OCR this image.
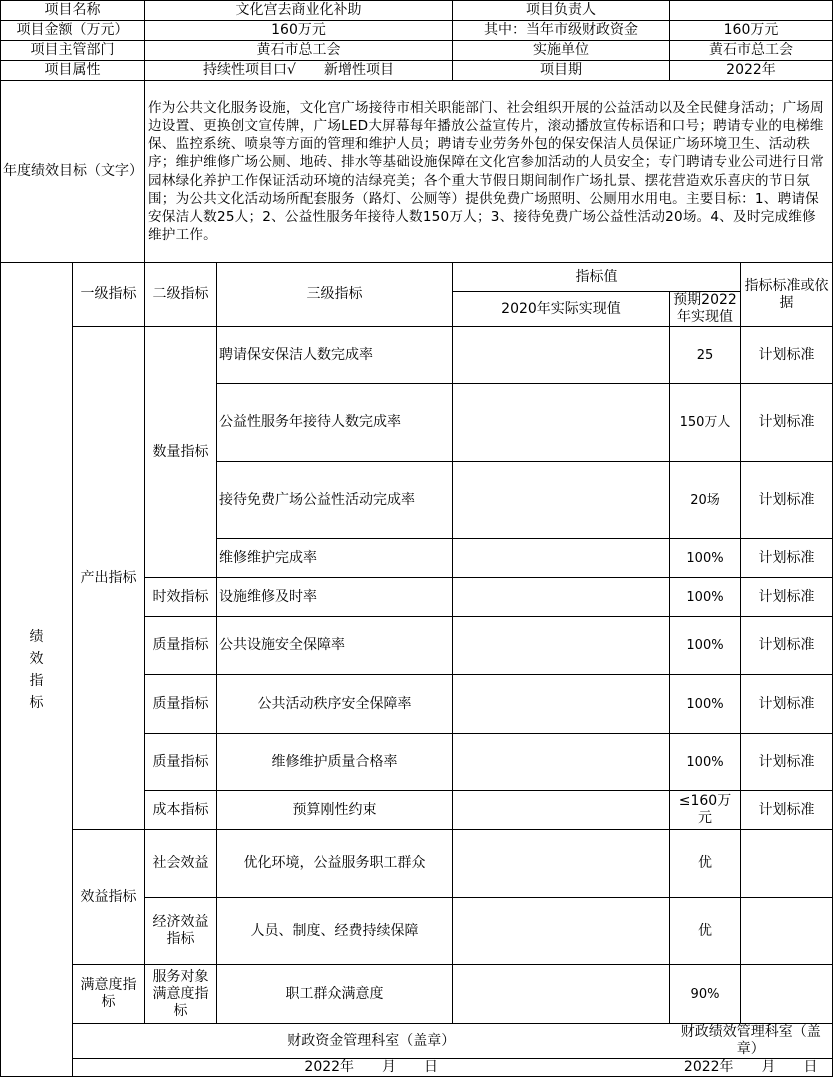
项目名称		文化宫去商业化补助		项目负责人		
项目金额（万元）		160万元		其中：当年市级财政资金	160万元	
项目主管部门		黄石市总工会		实施单位	黄石市总工会	
项目属性		持续性项目口√　　新增性项目		项目期	2022年	
年度绩效目标（文字）		作为公共文化服务设施，文化宫广场接待市相关职能部门、社会组织开展的公益活动以及全民健身活动；广场周边设置、更换创文宣传牌，广场LED大屏幕每年播放公益宣传片，滚动播放宣传标语和口号；聘请专业的电梯维保、监控系统、喷泉等方面的管理和维护人员；聘请专业劳务外包的保安保洁人员保证广场环境卫生、活动秩序；维护维修广场公厕、地砖、排水等基础设施保障在文化宫参加活动的人员安全；专门聘请专业公司进行日常园林绿化养护工作保证活动环境的洁绿亮美；各个重大节假日期间制作广场扎景、摆花营造欢乐喜庆的节日氛围；为公共文化活动场所配套服务（路灯、公厕等）提供免费广场照明、公厕用水用电。主要目标：1、聘请保安保洁人数25人；2、公益性服务年接待人数150万人；3、接待免费广场公益性活动20场。4、及时完成维修维护工作。				
绩效指标	一级指标	二级指标	三级指标	指标值		指标标准或依据
				2020年实际实现值	预期2022年实现值	
	产出指标	数量指标	聘请保安保洁人数完成率		25	计划标准
			公益性服务年接待人数完成率		150万人	计划标准
			接待免费广场公益性活动完成率		20场	计划标准
			维修维护完成率		100%	计划标准
		时效指标	设施维修及时率		100%	计划标准
		质量指标	公共设施安全保障率		100%	计划标准
		质量指标	公共活动秩序安全保障率		100%	计划标准
		质量指标	维修维护质量合格率		100%	计划标准
		成本指标	预算刚性约束		≤160万元	计划标准
	效益指标	社会效益	优化环境，公益服务职工群众		优	
		经济效益指标	人员、制度、经费持续保障		优	
	满意度指标	服务对象满意度指标	职工群众满意度		90%	
	财政资金管理科室（盖章）				财政绩效管理科室（盖章）	
	2022年　　月　　日				2022年　　月　　日	
